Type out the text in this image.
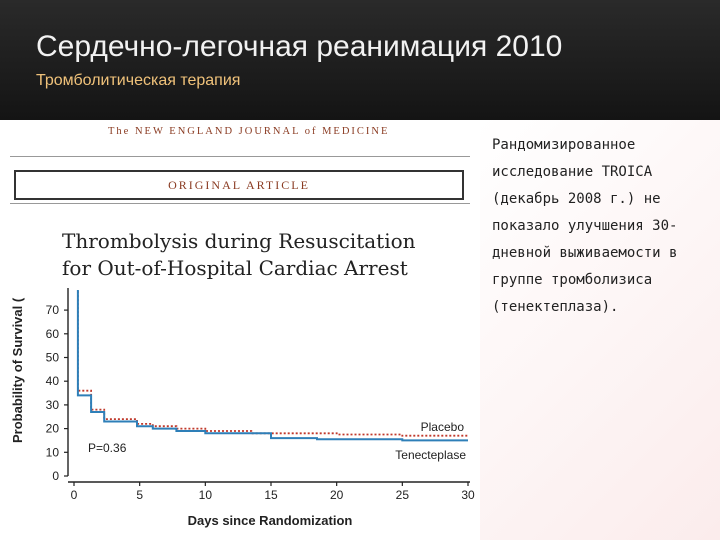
Сердечно-легочная реанимация 2010
Тромболитическая терапия
The NEW ENGLAND JOURNAL of MEDICINE
ORIGINAL ARTICLE
Thrombolysis during Resuscitation
for Out-of-Hospital Cardiac Arrest
0
10
20
30
40
50
60
70
0	5	10	15	20	25	30
Days since Randomization
Probability of Survival (	Placebo
Tenecteplase
P=0.36
Рандомизированное исследование TROICA (декабрь 2008 г.) не показало улучшения 30-дневной выживаемости в группе тромболизиса (тенектеплаза).
